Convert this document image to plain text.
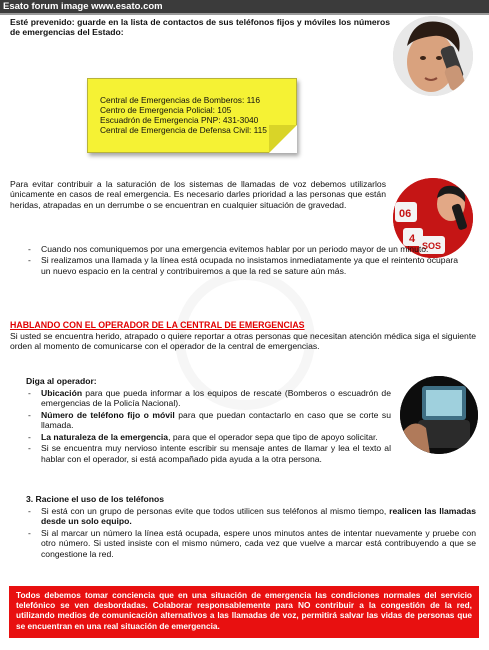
Esato forum image www.esato.com
Esté prevenido: guarde en la lista de contactos de sus teléfonos fijos y móviles los números de emergencias del Estado:
Central de Emergencias de Bomberos: 116
Centro de Emergencia Policial: 105
Escuadrón de Emergencia PNP: 431-3040
Central de Emergencia de Defensa Civil: 115
Para evitar contribuir a la saturación de los sistemas de llamadas de voz debemos utilizarlos únicamente en casos de real emergencia. Es necesario darles prioridad a las personas que están heridas, atrapadas en un derrumbe o se encuentran en cualquier situación de gravedad.
06
4
SOS
- Cuando nos comuniquemos por una emergencia evitemos hablar por un periodo mayor de un minuto.
- Si realizamos una llamada y la línea está ocupada no insistamos inmediatamente ya que el reintento ocupara un nuevo espacio en la central y contribuiremos a que la red se sature aún más.
HABLANDO CON EL OPERADOR DE LA CENTRAL DE EMERGENCIAS
Si usted se encuentra herido, atrapado o quiere reportar a otras personas que necesitan atención médica siga el siguiente orden al momento de comunicarse con el operador de la central de emergencias.
Diga al operador:
- Ubicación para que pueda informar a los equipos de rescate (Bomberos o escuadrón de emergencias de la Policía Nacional).
- Número de teléfono fijo o móvil para que puedan contactarlo en caso que se corte su llamada.
- La naturaleza de la emergencia, para que el operador sepa que tipo de apoyo solicitar.
- Si se encuentra muy nervioso intente escribir su mensaje antes de llamar y lea el texto al hablar con el operador, si está acompañado pida ayuda a la otra persona.
3. Racione el uso de los teléfonos
- Si está con un grupo de personas evite que todos utilicen sus teléfonos al mismo tiempo, realicen las llamadas desde un solo equipo.
- Si al marcar un número la línea está ocupada, espere unos minutos antes de intentar nuevamente y pruebe con otro número. Si usted insiste con el mismo número, cada vez que vuelve a marcar está contribuyendo a que se congestione la red.
Todos debemos tomar conciencia que en una situación de emergencia las condiciones normales del servicio telefónico se ven desbordadas. Colaborar responsablemente para NO contribuir a la congestión de la red, utilizando medios de comunicación alternativos a las llamadas de voz, permitirá salvar las vidas de personas que se encuentran en una real situación de emergencia.
